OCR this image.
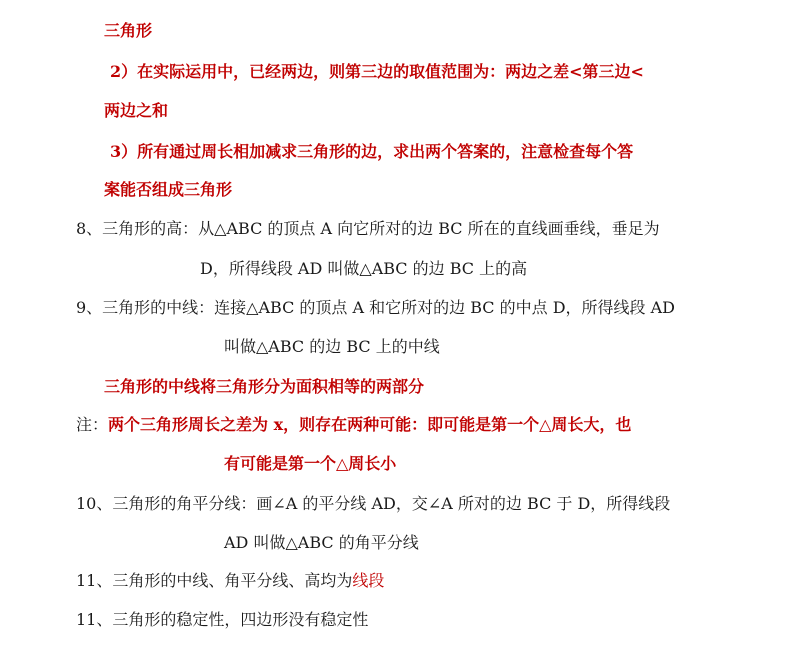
三角形
2）在实际运用中，已经两边，则第三边的取值范围为：两边之差<第三边<
两边之和
3）所有通过周长相加减求三角形的边，求出两个答案的，注意检查每个答
案能否组成三角形
8、三角形的高：从△ABC 的顶点 A 向它所对的边 BC 所在的直线画垂线，垂足为
D，所得线段 AD 叫做△ABC 的边 BC 上的高
9、三角形的中线：连接△ABC 的顶点 A 和它所对的边 BC 的中点 D，所得线段 AD
叫做△ABC 的边 BC 上的中线
三角形的中线将三角形分为面积相等的两部分
注：两个三角形周长之差为 x，则存在两种可能：即可能是第一个△周长大，也
有可能是第一个△周长小
10、三角形的角平分线：画∠A 的平分线 AD，交∠A 所对的边 BC 于 D，所得线段
AD 叫做△ABC 的角平分线
11、三角形的中线、角平分线、高均为线段
11、三角形的稳定性，四边形没有稳定性
